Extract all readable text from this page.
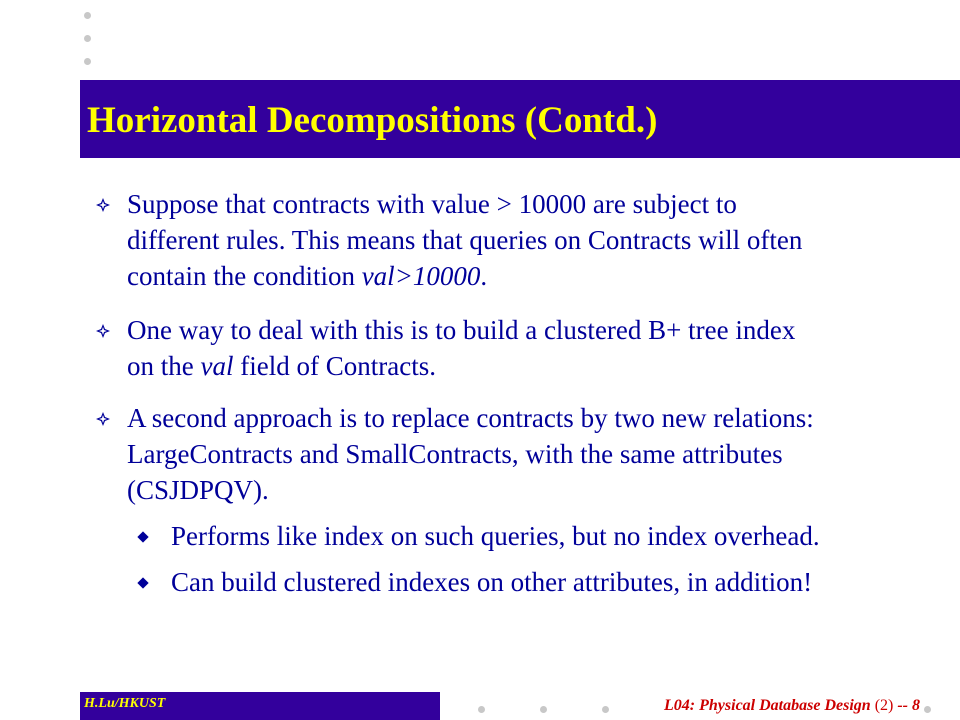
Horizontal Decompositions (Contd.)
Suppose that contracts with value > 10000 are subject to
different rules. This means that queries on Contracts will often
contain the condition val>10000.
One way to deal with this is to build a clustered B+ tree index
on the val field of Contracts.
A second approach is to replace contracts by two new relations:
LargeContracts and SmallContracts, with the same attributes
(CSJDPQV).
Performs like index on such queries, but no index overhead.
Can build clustered indexes on other attributes, in addition!
H.Lu/HKUST	L04: Physical Database Design (2) -- 8
